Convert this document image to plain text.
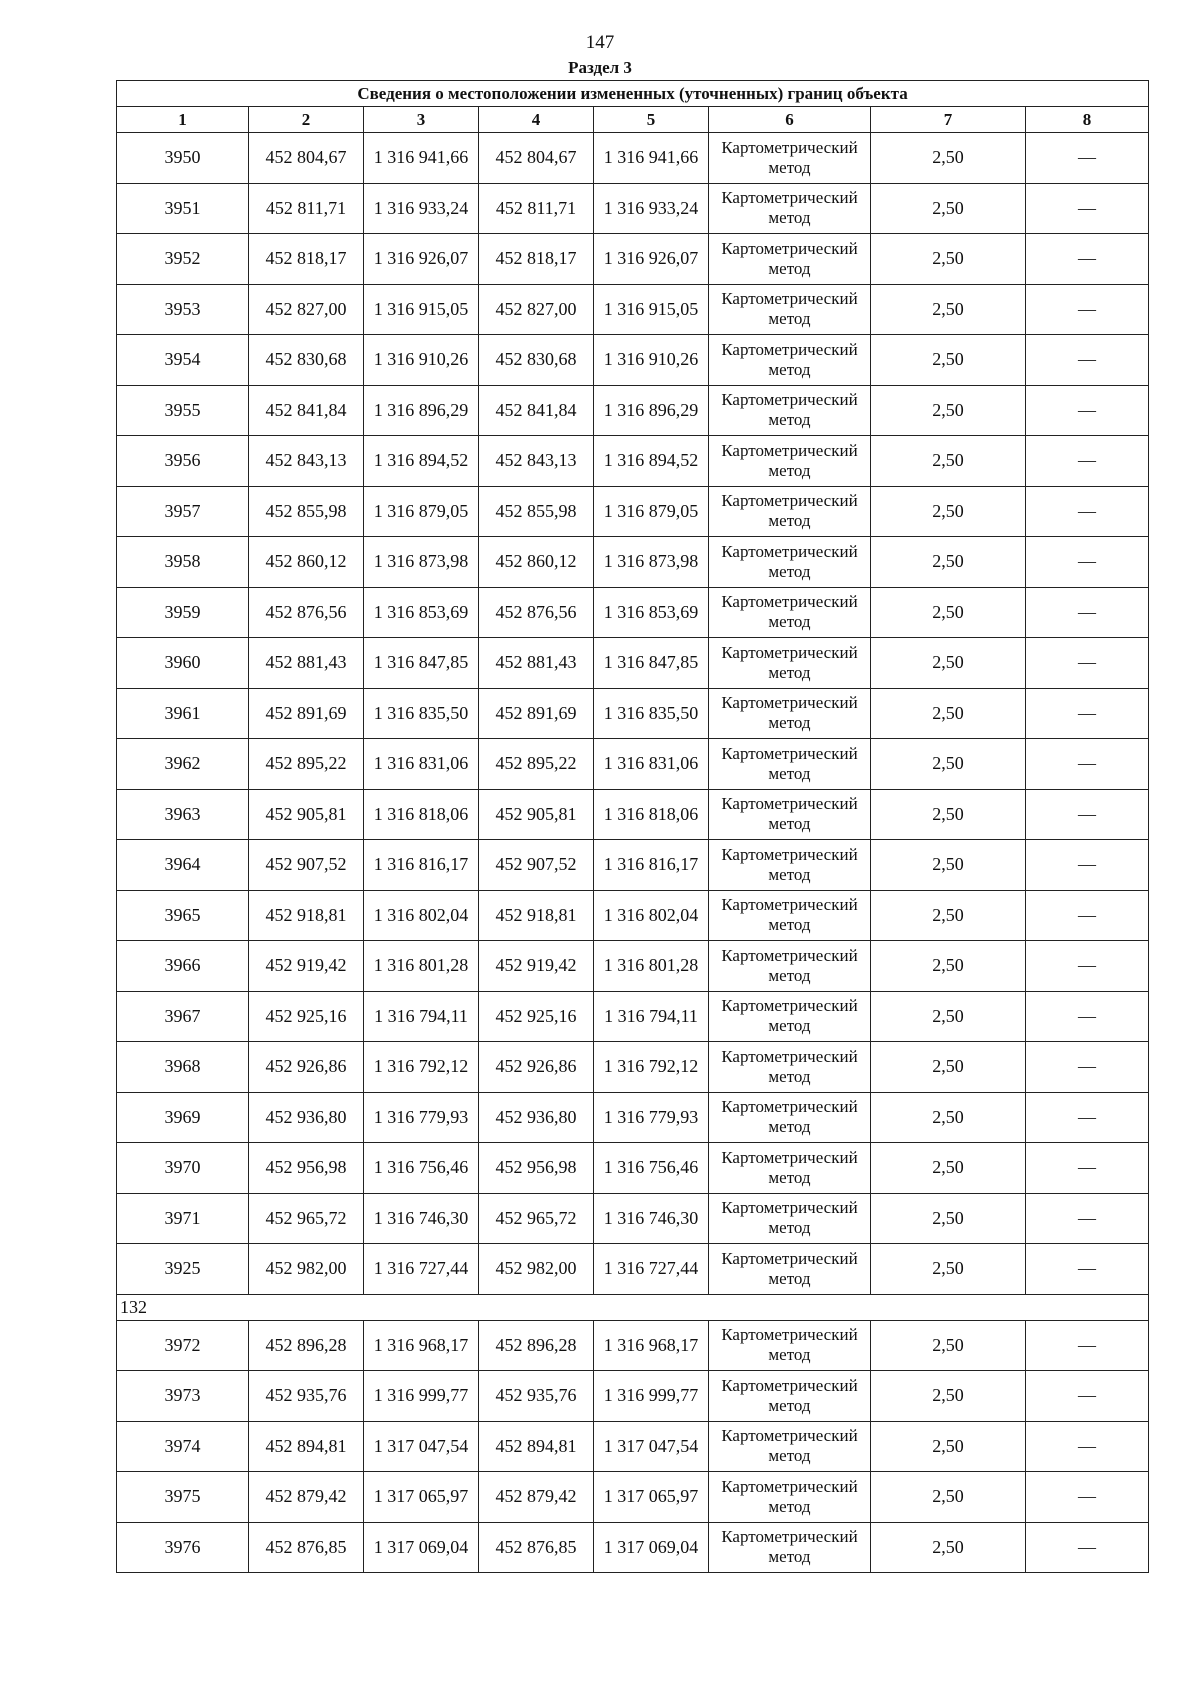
147
Раздел 3
Сведения о местоположении измененных (уточненных) границ объекта							
1	2	3	4	5	6	7	8
3950	452 804,67	1 316 941,66	452 804,67	1 316 941,66	Картометрический метод	2,50	—
3951	452 811,71	1 316 933,24	452 811,71	1 316 933,24	Картометрический метод	2,50	—
3952	452 818,17	1 316 926,07	452 818,17	1 316 926,07	Картометрический метод	2,50	—
3953	452 827,00	1 316 915,05	452 827,00	1 316 915,05	Картометрический метод	2,50	—
3954	452 830,68	1 316 910,26	452 830,68	1 316 910,26	Картометрический метод	2,50	—
3955	452 841,84	1 316 896,29	452 841,84	1 316 896,29	Картометрический метод	2,50	—
3956	452 843,13	1 316 894,52	452 843,13	1 316 894,52	Картометрический метод	2,50	—
3957	452 855,98	1 316 879,05	452 855,98	1 316 879,05	Картометрический метод	2,50	—
3958	452 860,12	1 316 873,98	452 860,12	1 316 873,98	Картометрический метод	2,50	—
3959	452 876,56	1 316 853,69	452 876,56	1 316 853,69	Картометрический метод	2,50	—
3960	452 881,43	1 316 847,85	452 881,43	1 316 847,85	Картометрический метод	2,50	—
3961	452 891,69	1 316 835,50	452 891,69	1 316 835,50	Картометрический метод	2,50	—
3962	452 895,22	1 316 831,06	452 895,22	1 316 831,06	Картометрический метод	2,50	—
3963	452 905,81	1 316 818,06	452 905,81	1 316 818,06	Картометрический метод	2,50	—
3964	452 907,52	1 316 816,17	452 907,52	1 316 816,17	Картометрический метод	2,50	—
3965	452 918,81	1 316 802,04	452 918,81	1 316 802,04	Картометрический метод	2,50	—
3966	452 919,42	1 316 801,28	452 919,42	1 316 801,28	Картометрический метод	2,50	—
3967	452 925,16	1 316 794,11	452 925,16	1 316 794,11	Картометрический метод	2,50	—
3968	452 926,86	1 316 792,12	452 926,86	1 316 792,12	Картометрический метод	2,50	—
3969	452 936,80	1 316 779,93	452 936,80	1 316 779,93	Картометрический метод	2,50	—
3970	452 956,98	1 316 756,46	452 956,98	1 316 756,46	Картометрический метод	2,50	—
3971	452 965,72	1 316 746,30	452 965,72	1 316 746,30	Картометрический метод	2,50	—
3925	452 982,00	1 316 727,44	452 982,00	1 316 727,44	Картометрический метод	2,50	—
132							
3972	452 896,28	1 316 968,17	452 896,28	1 316 968,17	Картометрический метод	2,50	—
3973	452 935,76	1 316 999,77	452 935,76	1 316 999,77	Картометрический метод	2,50	—
3974	452 894,81	1 317 047,54	452 894,81	1 317 047,54	Картометрический метод	2,50	—
3975	452 879,42	1 317 065,97	452 879,42	1 317 065,97	Картометрический метод	2,50	—
3976	452 876,85	1 317 069,04	452 876,85	1 317 069,04	Картометрический метод	2,50	—
